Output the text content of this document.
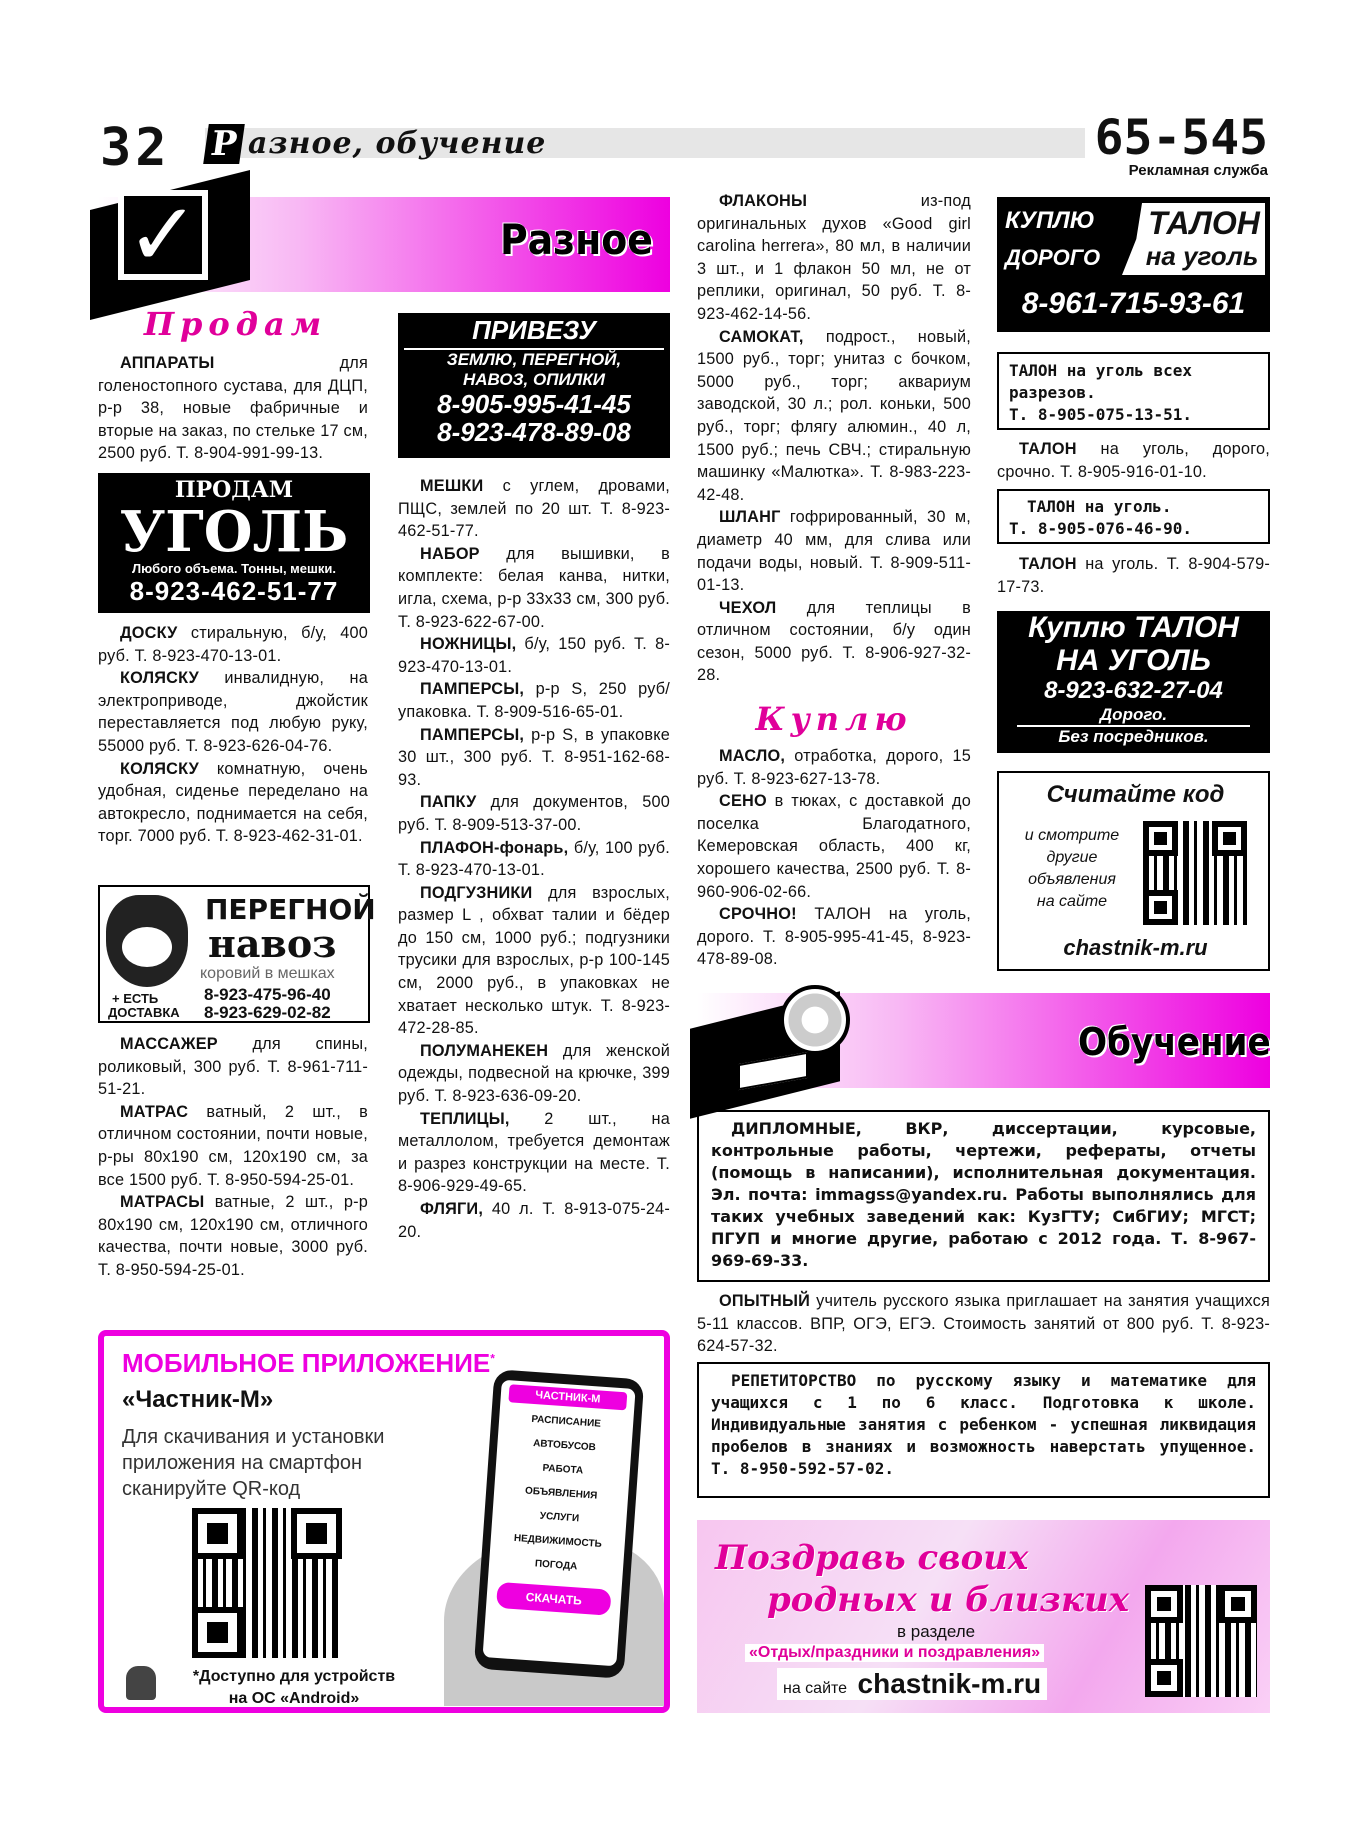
32 Р азное, обучение	65-545
Рекламная служба
✓	Разное
Продам

АППАРАТЫ для голеностопного сустава, для ДЦП, р-р 38, новые фабричные и вторые на заказ, по стельке 17 см, 2500 руб. Т. 8-904-991-99-13.

ПРОДАМ
УГОЛЬ
Любого объема. Тонны, мешки.
8-923-462-51-77

ДОСКУ стиральную, б/у, 400 руб. Т. 8-923-470-13-01.

КОЛЯСКУ инвалидную, на электроприводе, джойстик переставляется под любую руку, 55000 руб. Т. 8-923-626-04-76.

КОЛЯСКУ комнатную, очень удобная, сиденье переделано на автокресло, поднимается на себя, торг. 7000 руб. Т. 8-923-462-31-01.

ПЕРЕГНОЙ
навоз
коровий в мешках
+ ЕСТЬ
ДОСТАВКА
8-923-475-96-40
8-923-629-02-82

МАССАЖЕР для спины, роликовый, 300 руб. Т. 8-961-711-51-21.

МАТРАС ватный, 2 шт., в отличном состоянии, почти новые, р-ры 80х190 см, 120х190 см, за все 1500 руб. Т. 8-950-594-25-01.

МАТРАСЫ ватные, 2 шт., р-р 80х190 см, 120х190 см, отличного качества, почти новые, 3000 руб. Т. 8-950-594-25-01.

ПРИВЕЗУ
ЗЕМЛЮ, ПЕРЕГНОЙ,
НАВОЗ, ОПИЛКИ
8-905-995-41-45
8-923-478-89-08

МЕШКИ с углем, дровами, ПЩС, землей по 20 шт. Т. 8-923-462-51-77.

НАБОР для вышивки, в комплекте: белая канва, нитки, игла, схема, р-р 33х33 см, 300 руб. Т. 8-923-622-67-00.

НОЖНИЦЫ, б/у, 150 руб. Т. 8-923-470-13-01.

ПАМПЕРСЫ, р-р S, 250 руб/упаковка. Т. 8-909-516-65-01.

ПАМПЕРСЫ, р-р S, в упаковке 30 шт., 300 руб. Т. 8-951-162-68-93.

ПАПКУ для документов, 500 руб. Т. 8-909-513-37-00.

ПЛАФОН-фонарь, б/у, 100 руб. Т. 8-923-470-13-01.

ПОДГУЗНИКИ для взрослых, размер L , обхват талии и бёдер до 150 см, 1000 руб.; подгузники трусики для взрослых, р-р 100-145 см, 2000 руб., в упаковках не хватает несколько штук. Т. 8-923-472-28-85.

ПОЛУМАНЕКЕН для женской одежды, подвесной на крючке, 399 руб. Т. 8-923-636-09-20.

ТЕПЛИЦЫ, 2 шт., на металлолом, требуется демонтаж и разрез конструкции на месте. Т. 8-906-929-49-65.

ФЛЯГИ, 40 л. Т. 8-913-075-24-20.

ФЛАКОНЫ из-под оригинальных духов «Good girl carolina herrera», 80 мл, в наличии 3 шт., и 1 флакон 50 мл, не от реплики, оригинал, 50 руб. Т. 8-923-462-14-56.

САМОКАТ, подрост., новый, 1500 руб., торг; унитаз с бочком, 5000 руб., торг; аквариум заводской, 30 л.; рол. коньки, 500 руб., торг; флягу алюмин., 40 л, 1500 руб.; печь СВЧ.; стиральную машинку «Малютка». Т. 8-983-223-42-48.

ШЛАНГ гофрированный, 30 м, диаметр 40 мм, для слива или подачи воды, новый. Т. 8-909-511-01-13.

ЧЕХОЛ для теплицы в отличном состоянии, б/у один сезон, 5000 руб. Т. 8-906-927-32-28.

Куплю

МАСЛО, отработка, дорого, 15 руб. Т. 8-923-627-13-78.

СЕНО в тюках, с доставкой до поселка Благодатного, Кемеровская область, 400 кг, хорошего качества, 2500 руб. Т. 8-960-906-02-66.

СРОЧНО! ТАЛОН на уголь, дорого. Т. 8-905-995-41-45, 8-923-478-89-08.

КУПЛЮ
ДОРОГО
ТАЛОН
на уголь
8-961-715-93-61
ТАЛОН на уголь всех разрезов.
Т. 8-905-075-13-51.

ТАЛОН на уголь, дорого, срочно. Т. 8-905-916-01-10.

ТАЛОН на уголь.
Т. 8-905-076-46-90.

ТАЛОН на уголь. Т. 8-904-579-17-73.

Куплю ТАЛОН
НА УГОЛЬ
8-923-632-27-04
Дорого.
Без посредников.
Считайте код
и смотрите
другие
объявления
на сайте
chastnik-m.ru
Обучение
ДИПЛОМНЫЕ, ВКР, диссертации, курсовые, контрольные работы, чертежи, рефераты, отчеты (помощь в написании), исполнительная документация. Эл. почта: immagss@yandex.ru. Работы выполнялись для таких учебных заведений как: КузГТУ; СибГИУ; МГСТ; ПГУП и многие другие, работаю с 2012 года. Т. 8-967-969-69-33.

ОПЫТНЫЙ учитель русского языка приглашает на занятия учащихся 5-11 классов. ВПР, ОГЭ, ЕГЭ. Стоимость занятий от 800 руб. Т. 8-923-624-57-32.

РЕПЕТИТОРСТВО по русскому языку и математике для учащихся с 1 по 6 класс. Подготовка к школе. Индивидуальные занятия с ребенком - успешная ликвидация пробелов в знаниях и возможность наверстать упущенное. Т. 8-950-592-57-02.
МОБИЛЬНОЕ ПРИЛОЖЕНИЕ*
«Частник-М»
Для скачивания и установки
приложения на смартфон
сканируйте QR-код
*Доступно для устройств
на ОС «Android»
ЧАСТНИК-М
РАСПИСАНИЕ АВТОБУСОВ
РАБОТА
ОБЪЯВЛЕНИЯ
УСЛУГИ
НЕДВИЖИМОСТЬ
ПОГОДА
СКАЧАТЬ
Поздравь своих
родных и близких
в разделе
«Отдых/праздники и поздравления»
на сайте chastnik-m.ru
